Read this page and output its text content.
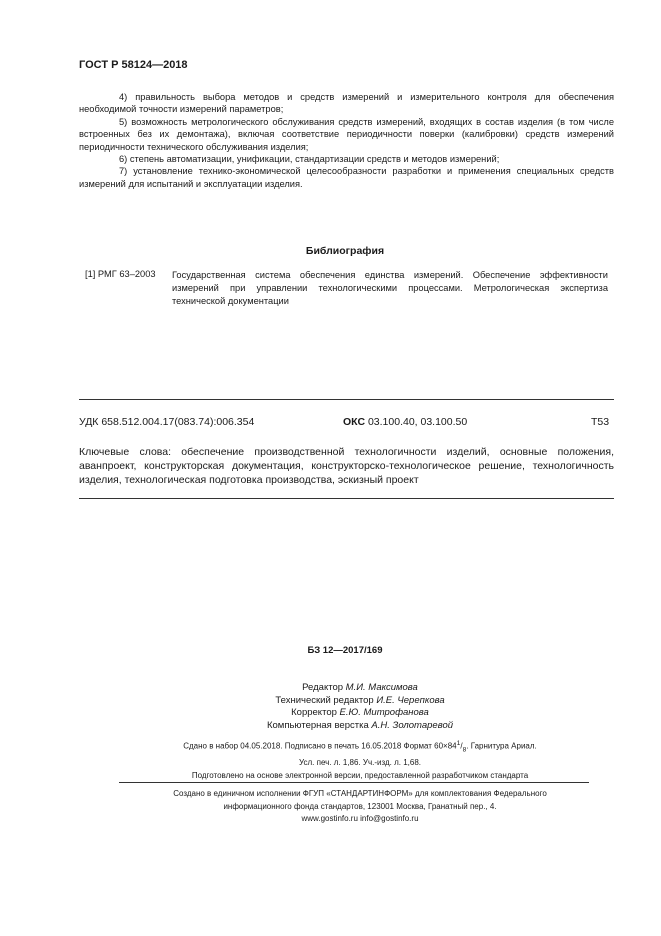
ГОСТ Р 58124—2018

4) правильность выбора методов и средств измерений и измерительного контроля для обеспечения необходимой точности измерений параметров;

5) возможность метрологического обслуживания средств измерений, входящих в состав изделия (в том числе встроенных без их демонтажа), включая соответствие периодичности поверки (калибровки) средств измерений периодичности технического обслуживания изделия;

6) степень автоматизации, унификации, стандартизации средств и методов измерений;

7) установление технико-экономической целесообразности разработки и применения специальных средств измерений для испытаний и эксплуатации изделия.

Библиография
[1] РМГ 63–2003 Государственная система обеспечения единства измерений. Обеспечение эффективности измерений при управлении технологическими процессами. Метрологическая экспертиза технической документации
УДК 658.512.004.17(083.74):006.354	ОКС 03.100.40, 03.100.50	Т53
Ключевые слова: обеспечение производственной технологичности изделий, основные положения, аванпроект, конструкторская документация, конструкторско-технологическое решение, технологичность изделия, технологическая подготовка производства, эскизный проект
БЗ 12—2017/169
Редактор М.И. Максимова
Технический редактор И.Е. Черепкова
Корректор Е.Ю. Митрофанова
Компьютерная верстка А.Н. Золотаревой
Сдано в набор 04.05.2018. Подписано в печать 16.05.2018 Формат $60\times 84^1/_8$. Гарнитура Ариал.
Усл. печ. л. 1,86. Уч.-изд. л. 1,68.
Подготовлено на основе электронной версии, предоставленной разработчиком стандарта
Создано в единичном исполнении ФГУП «СТАНДАРТИНФОРМ» для комплектования Федерального
информационного фонда стандартов, 123001 Москва, Гранатный пер., 4.
www.gostinfo.ru info@gostinfo.ru
